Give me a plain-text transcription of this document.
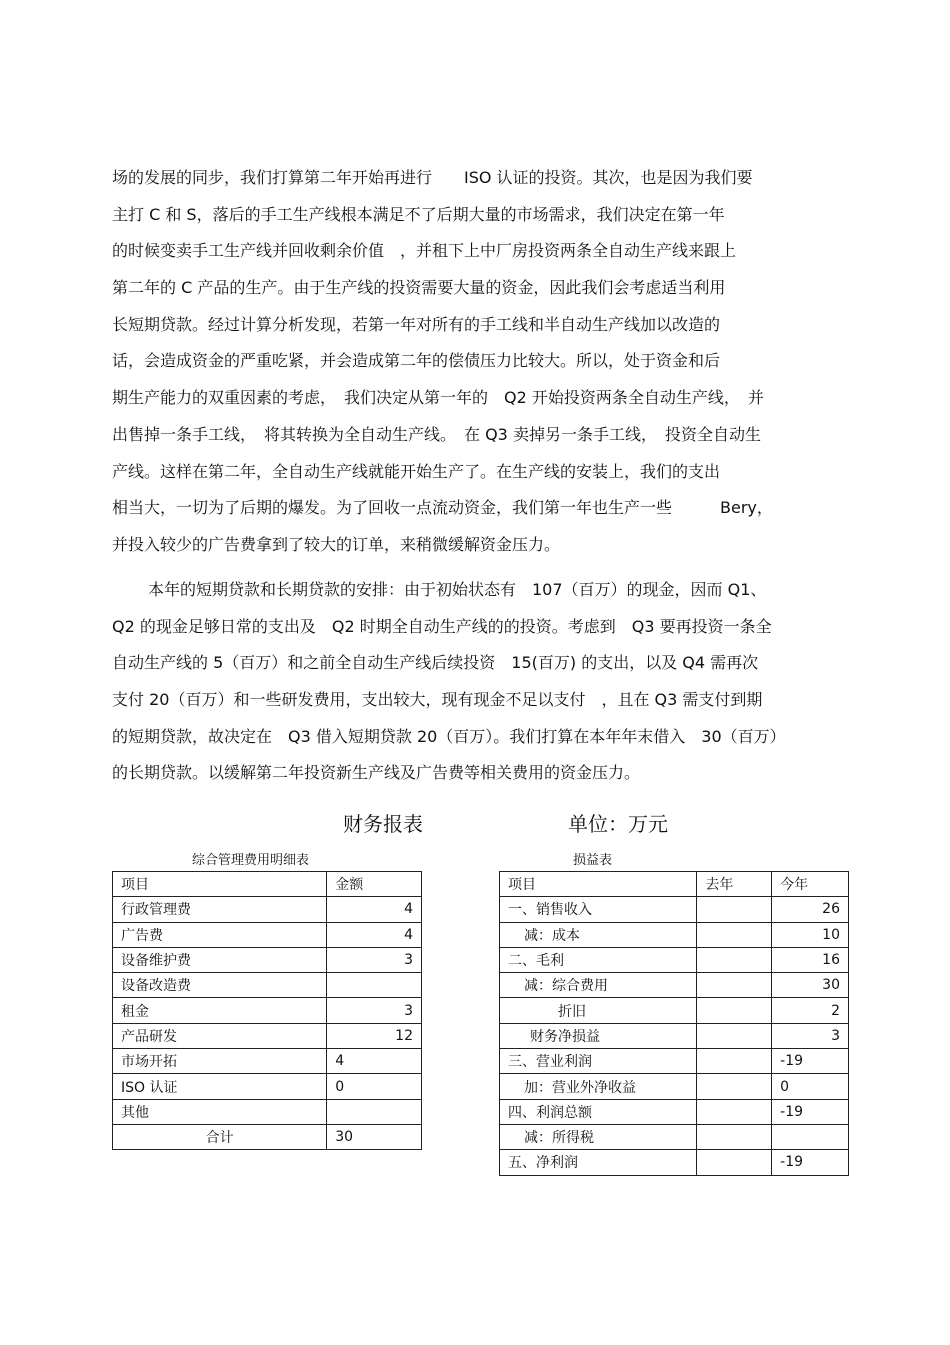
场的发展的同步，我们打算第二年开始再进行　　ISO 认证的投资。其次，也是因为我们要
主打 C 和 S，落后的手工生产线根本满足不了后期大量的市场需求，我们决定在第一年
的时候变卖手工生产线并回收剩余价值　，并租下上中厂房投资两条全自动生产线来跟上
第二年的 C 产品的生产。由于生产线的投资需要大量的资金，因此我们会考虑适当利用
长短期贷款。经过计算分析发现，若第一年对所有的手工线和半自动生产线加以改造的
话，会造成资金的严重吃紧，并会造成第二年的偿债压力比较大。所以，处于资金和后
期生产能力的双重因素的考虑，　我们决定从第一年的　Q2 开始投资两条全自动生产线，　并
出售掉一条手工线，　将其转换为全自动生产线。　在 Q3 卖掉另一条手工线，　投资全自动生
产线。这样在第二年，全自动生产线就能开始生产了。在生产线的安装上，我们的支出
相当大，一切为了后期的爆发。为了回收一点流动资金，我们第一年也生产一些　　　Bery，
并投入较少的广告费拿到了较大的订单，来稍微缓解资金压力。
本年的短期贷款和长期贷款的安排：由于初始状态有　107（百万）的现金，因而 Q1、
Q2 的现金足够日常的支出及　Q2 时期全自动生产线的的投资。考虑到　Q3 要再投资一条全
自动生产线的 5（百万）和之前全自动生产线后续投资　15(百万) 的支出，以及 Q4 需再次
支付 20（百万）和一些研发费用，支出较大，现有现金不足以支付　，且在 Q3 需支付到期
的短期贷款，故决定在　Q3 借入短期贷款 20（百万）。我们打算在本年年末借入　30（百万）
的长期贷款。以缓解第二年投资新生产线及广告费等相关费用的资金压力。
财务报表	单位：万元
综合管理费用明细表	损益表
项目	金额
行政管理费	4
广告费	4
设备维护费	3
设备改造费	
租金	3
产品研发	12
市场开拓	4
ISO 认证	0
其他	
合计	30
项目	去年	今年
一、销售收入		26
减：成本		10
二、毛利		16
减：综合费用		30
折旧		2
财务净损益		3
三、营业利润		-19
加：营业外净收益		0
四、利润总额		-19
减：所得税		
五、净利润		-19
